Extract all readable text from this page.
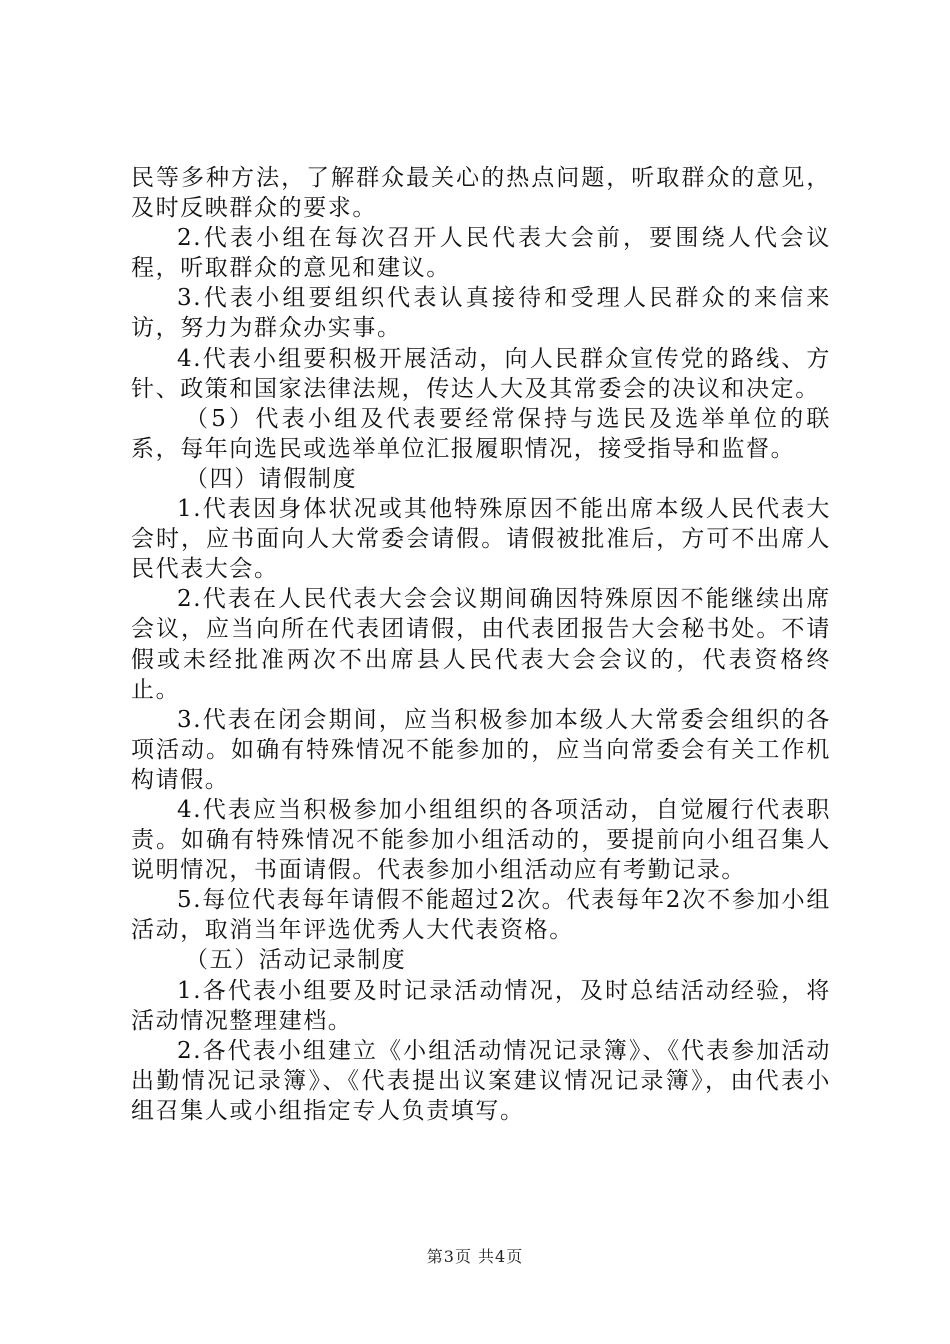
民等多种方法，了解群众最关心的热点问题，听取群众的意见，及时反映群众的要求。

2.代表小组在每次召开人民代表大会前，要围绕人代会议程，听取群众的意见和建议。

3.代表小组要组织代表认真接待和受理人民群众的来信来访，努力为群众办实事。

4.代表小组要积极开展活动，向人民群众宣传党的路线、方针、政策和国家法律法规，传达人大及其常委会的决议和决定。

（5）代表小组及代表要经常保持与选民及选举单位的联系，每年向选民或选举单位汇报履职情况，接受指导和监督。

（四）请假制度

1.代表因身体状况或其他特殊原因不能出席本级人民代表大会时，应书面向人大常委会请假。请假被批准后，方可不出席人民代表大会。

2.代表在人民代表大会会议期间确因特殊原因不能继续出席会议，应当向所在代表团请假，由代表团报告大会秘书处。不请假或未经批准两次不出席县人民代表大会会议的，代表资格终止。

3.代表在闭会期间，应当积极参加本级人大常委会组织的各项活动。如确有特殊情况不能参加的，应当向常委会有关工作机构请假。

4.代表应当积极参加小组组织的各项活动，自觉履行代表职责。如确有特殊情况不能参加小组活动的，要提前向小组召集人说明情况，书面请假。代表参加小组活动应有考勤记录。

5.每位代表每年请假不能超过2次。代表每年2次不参加小组活动，取消当年评选优秀人大代表资格。

（五）活动记录制度

1.各代表小组要及时记录活动情况，及时总结活动经验，将活动情况整理建档。

2.各代表小组建立《小组活动情况记录簿》、《代表参加活动出勤情况记录簿》、《代表提出议案建议情况记录簿》，由代表小组召集人或小组指定专人负责填写。

第3页 共4页
